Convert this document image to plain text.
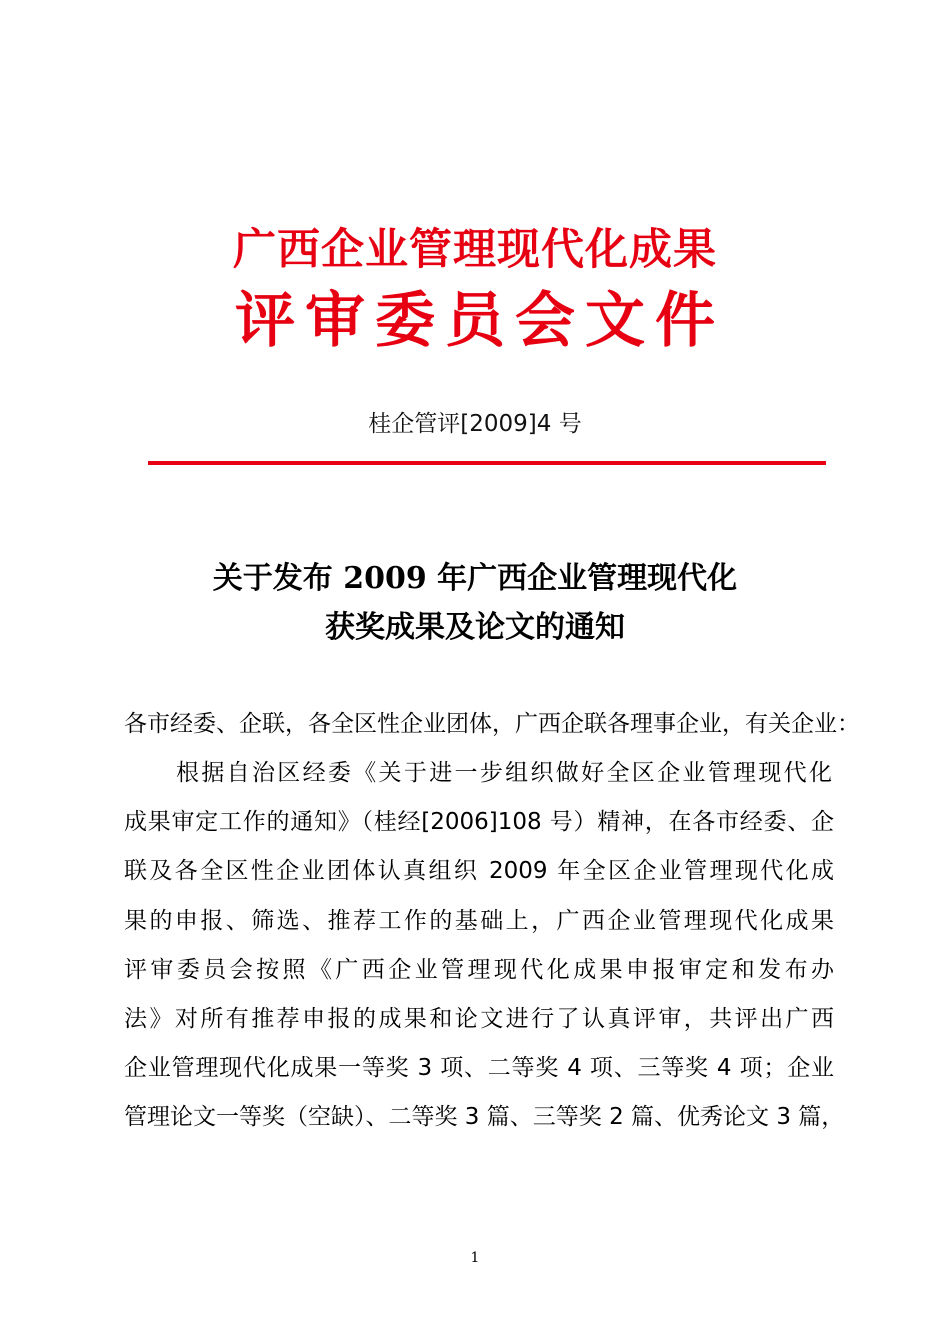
广西企业管理现代化成果
评审委员会文件
桂企管评[2009]4 号
关于发布 2009 年广西企业管理现代化
获奖成果及论文的通知
各市经委、企联，各全区性企业团体，广西企联各理事企业，有关企业：
根据自治区经委《关于进一步组织做好全区企业管理现代化
成果审定工作的通知》（桂经[2006]108 号）精神，在各市经委、企
联及各全区性企业团体认真组织 2009 年全区企业管理现代化成
果的申报、筛选、推荐工作的基础上，广西企业管理现代化成果
评审委员会按照《广西企业管理现代化成果申报审定和发布办
法》对所有推荐申报的成果和论文进行了认真评审，共评出广西
企业管理现代化成果一等奖 3 项、二等奖 4 项、三等奖 4 项；企业
管理论文一等奖（空缺）、二等奖 3 篇、三等奖 2 篇、优秀论文 3 篇，
1
